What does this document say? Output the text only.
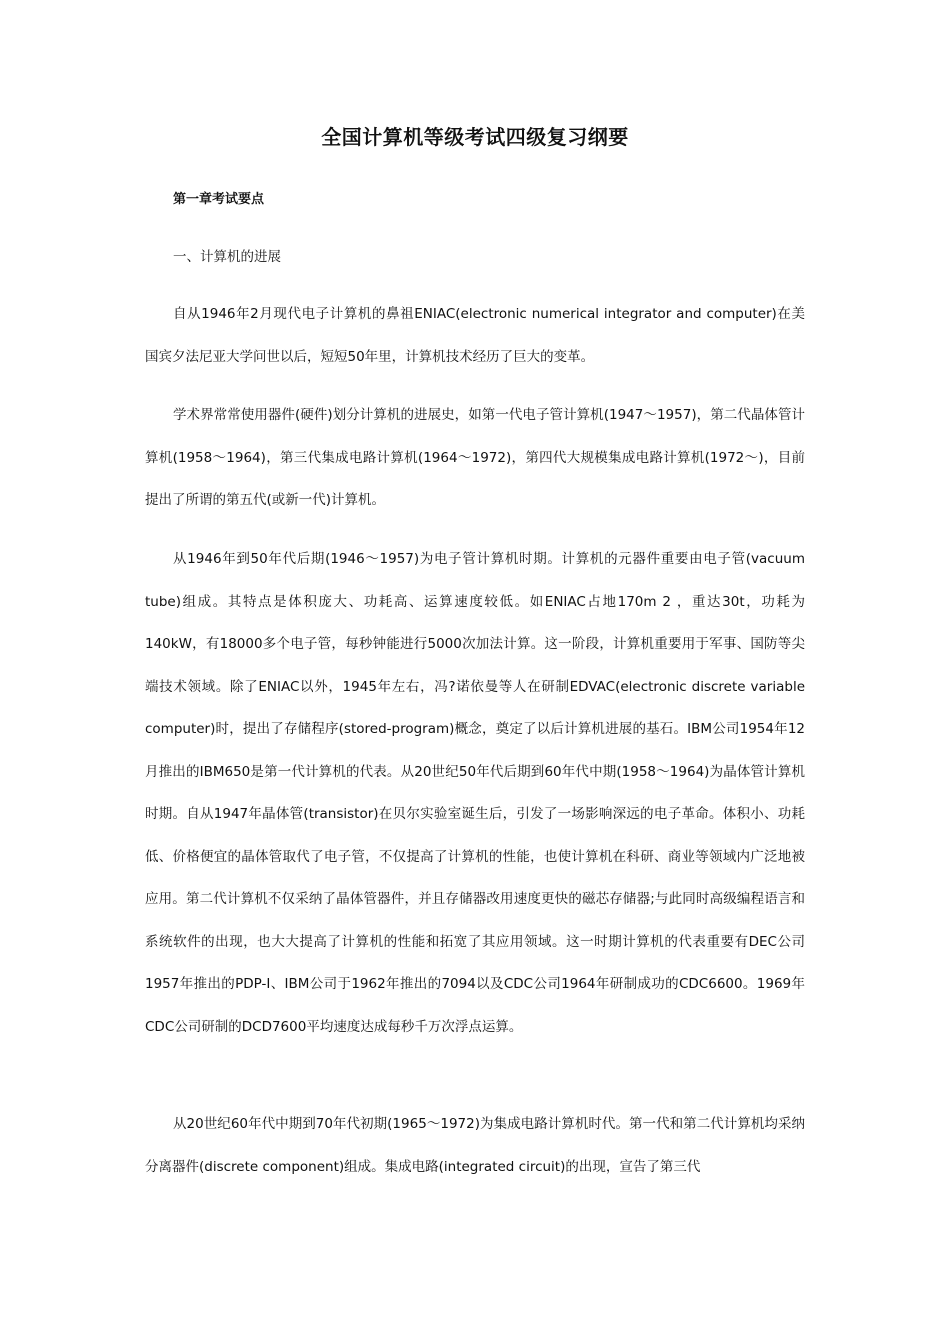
全国计算机等级考试四级复习纲要
第一章考试要点
一、计算机的进展

自从1946年2月现代电子计算机的鼻祖ENIAC(electronic numerical integrator and computer)在美国宾夕法尼亚大学问世以后，短短50年里，计算机技术经历了巨大的变革。

学术界常常使用器件(硬件)划分计算机的进展史，如第一代电子管计算机(1947～1957)，第二代晶体管计算机(1958～1964)，第三代集成电路计算机(1964～1972)，第四代大规模集成电路计算机(1972～)，目前提出了所谓的第五代(或新一代)计算机。

从1946年到50年代后期(1946～1957)为电子管计算机时期。计算机的元器件重要由电子管(vacuum tube)组成。其特点是体积庞大、功耗高、运算速度较低。如ENIAC占地170m 2 ，重达30t，功耗为140kW，有18000多个电子管，每秒钟能进行5000次加法计算。这一阶段，计算机重要用于军事、国防等尖端技术领域。除了ENIAC以外，1945年左右，冯?诺依曼等人在研制EDVAC(electronic discrete variable computer)时，提出了存储程序(stored-program)概念，奠定了以后计算机进展的基石。IBM公司1954年12月推出的IBM650是第一代计算机的代表。从20世纪50年代后期到60年代中期(1958～1964)为晶体管计算机时期。自从1947年晶体管(transistor)在贝尔实验室诞生后，引发了一场影响深远的电子革命。体积小、功耗低、价格便宜的晶体管取代了电子管，不仅提高了计算机的性能，也使计算机在科研、商业等领域内广泛地被应用。第二代计算机不仅采纳了晶体管器件，并且存储器改用速度更快的磁芯存储器;与此同时高级编程语言和系统软件的出现，也大大提高了计算机的性能和拓宽了其应用领域。这一时期计算机的代表重要有DEC公司1957年推出的PDP-I、IBM公司于1962年推出的7094以及CDC公司1964年研制成功的CDC6600。1969年CDC公司研制的DCD7600平均速度达成每秒千万次浮点运算。

从20世纪60年代中期到70年代初期(1965～1972)为集成电路计算机时代。第一代和第二代计算机均采纳分离器件(discrete component)组成。集成电路(integrated circuit)的出现，宣告了第三代
